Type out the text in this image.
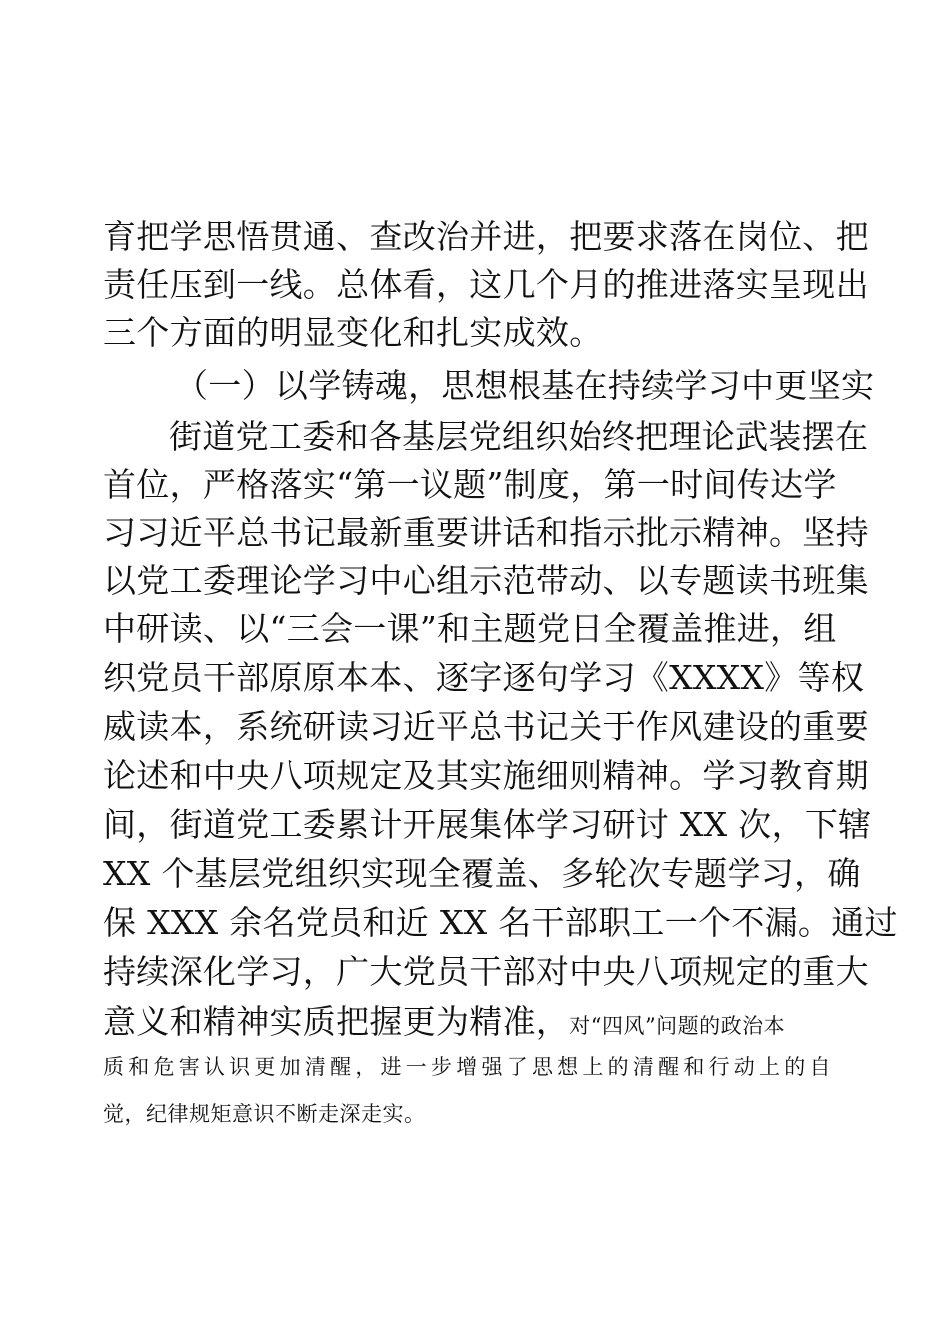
育把学思悟贯通、查改治并进，把要求落在岗位、把
责任压到一线。总体看，这几个月的推进落实呈现出
三个方面的明显变化和扎实成效。
（一）以学铸魂，思想根基在持续学习中更坚实
街道党工委和各基层党组织始终把理论武装摆在
首位，严格落实“第一议题”制度，第一时间传达学
习习近平总书记最新重要讲话和指示批示精神。坚持
以党工委理论学习中心组示范带动、以专题读书班集
中研读、以“三会一课”和主题党日全覆盖推进，组
织党员干部原原本本、逐字逐句学习《XXXX》等权
威读本，系统研读习近平总书记关于作风建设的重要
论述和中央八项规定及其实施细则精神。学习教育期
间，街道党工委累计开展集体学习研讨 XX 次，下辖
XX 个基层党组织实现全覆盖、多轮次专题学习，确
保 XXX 余名党员和近 XX 名干部职工一个不漏。通过
持续深化学习，广大党员干部对中央八项规定的重大
意义和精神实质把握更为精准，对“四风”问题的政治本
质和危害认识更加清醒，进一步增强了思想上的清醒和行动上的自
觉，纪律规矩意识不断走深走实。
